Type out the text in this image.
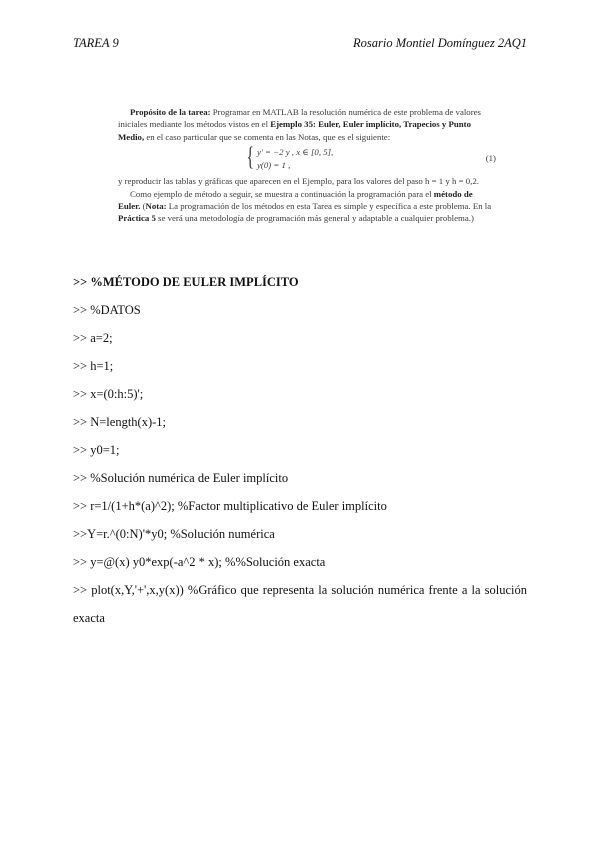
TAREA 9	Rosario Montiel Domínguez 2AQ1

Propósito de la tarea: Programar en MATLAB la resolución numérica de este problema de valores iniciales mediante los métodos vistos en el Ejemplo 35: Euler, Euler implícito, Trapecios y Punto Medio, en el caso particular que se comenta en las Notas, que es el siguiente:

{ y′ = −2 y , x ∈ [0, 5],
y(0) = 1 ,
(1)

y reproducir las tablas y gráficas que aparecen en el Ejemplo, para los valores del paso h = 1 y h = 0,2.

Como ejemplo de método a seguir, se muestra a continuación la programación para el método de Euler. (Nota: La programación de los métodos en esta Tarea es simple y específica a este problema. En la Práctica 5 se verá una metodología de programación más general y adaptable a cualquier problema.)

>> %MÉTODO DE EULER IMPLÍCITO
>> %DATOS
>> a=2;
>> h=1;
>> x=(0:h:5)';
>> N=length(x)-1;
>> y0=1;
>> %Solución numérica de Euler implícito
>> r=1/(1+h*(a)^2); %Factor multiplicativo de Euler implícito
>>Y=r.^(0:N)'*y0; %Solución numérica
>> y=@(x) y0*exp(-a^2 * x); %%Solución exacta
>> plot(x,Y,'+',x,y(x)) %Gráfico que representa la solución numérica frente a la solución
exacta
